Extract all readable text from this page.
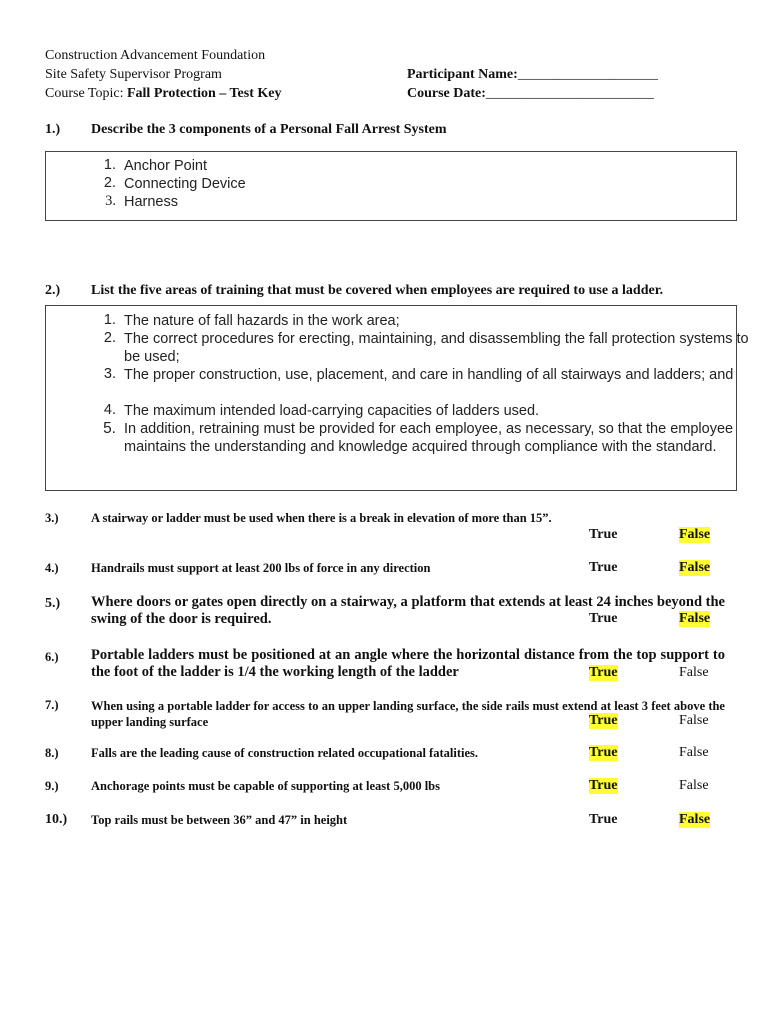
Construction Advancement Foundation
Site Safety Supervisor Program
Course Topic: Fall Protection – Test Key
Participant Name:____________________
Course Date:________________________
1.) Describe the 3 components of a Personal Fall Arrest System
1. Anchor Point
2. Connecting Device
3. Harness
2.) List the five areas of training that must be covered when employees are required to use a ladder.
1. The nature of fall hazards in the work area;
2. The correct procedures for erecting, maintaining, and disassembling the fall protection systems to be used;
3. The proper construction, use, placement, and care in handling of all stairways and ladders; and
4. The maximum intended load-carrying capacities of ladders used.
5. In addition, retraining must be provided for each employee, as necessary, so that the employee maintains the understanding and knowledge acquired through compliance with the standard.
3.)	A stairway or ladder must be used when there is a break in elevation of more than 15”.
True	False
4.)	Handrails must support at least 200 lbs of force in any direction	True	False
5.) Where doors or gates open directly on a stairway, a platform that extends at least 24 inches beyond the swing of the door is required.	True	False
6.) Portable ladders must be positioned at an angle where the horizontal distance from the top support to the foot of the ladder is 1/4 the working length of the ladder	True	False
7.)	When using a portable ladder for access to an upper landing surface, the side rails must extend at least 3 feet above the upper landing surface	True	False
8.)	Falls are the leading cause of construction related occupational fatalities.	True	False
9.)	Anchorage points must be capable of supporting at least 5,000 lbs	True	False
10.) Top rails must be between 36” and 47” in height	True	False
